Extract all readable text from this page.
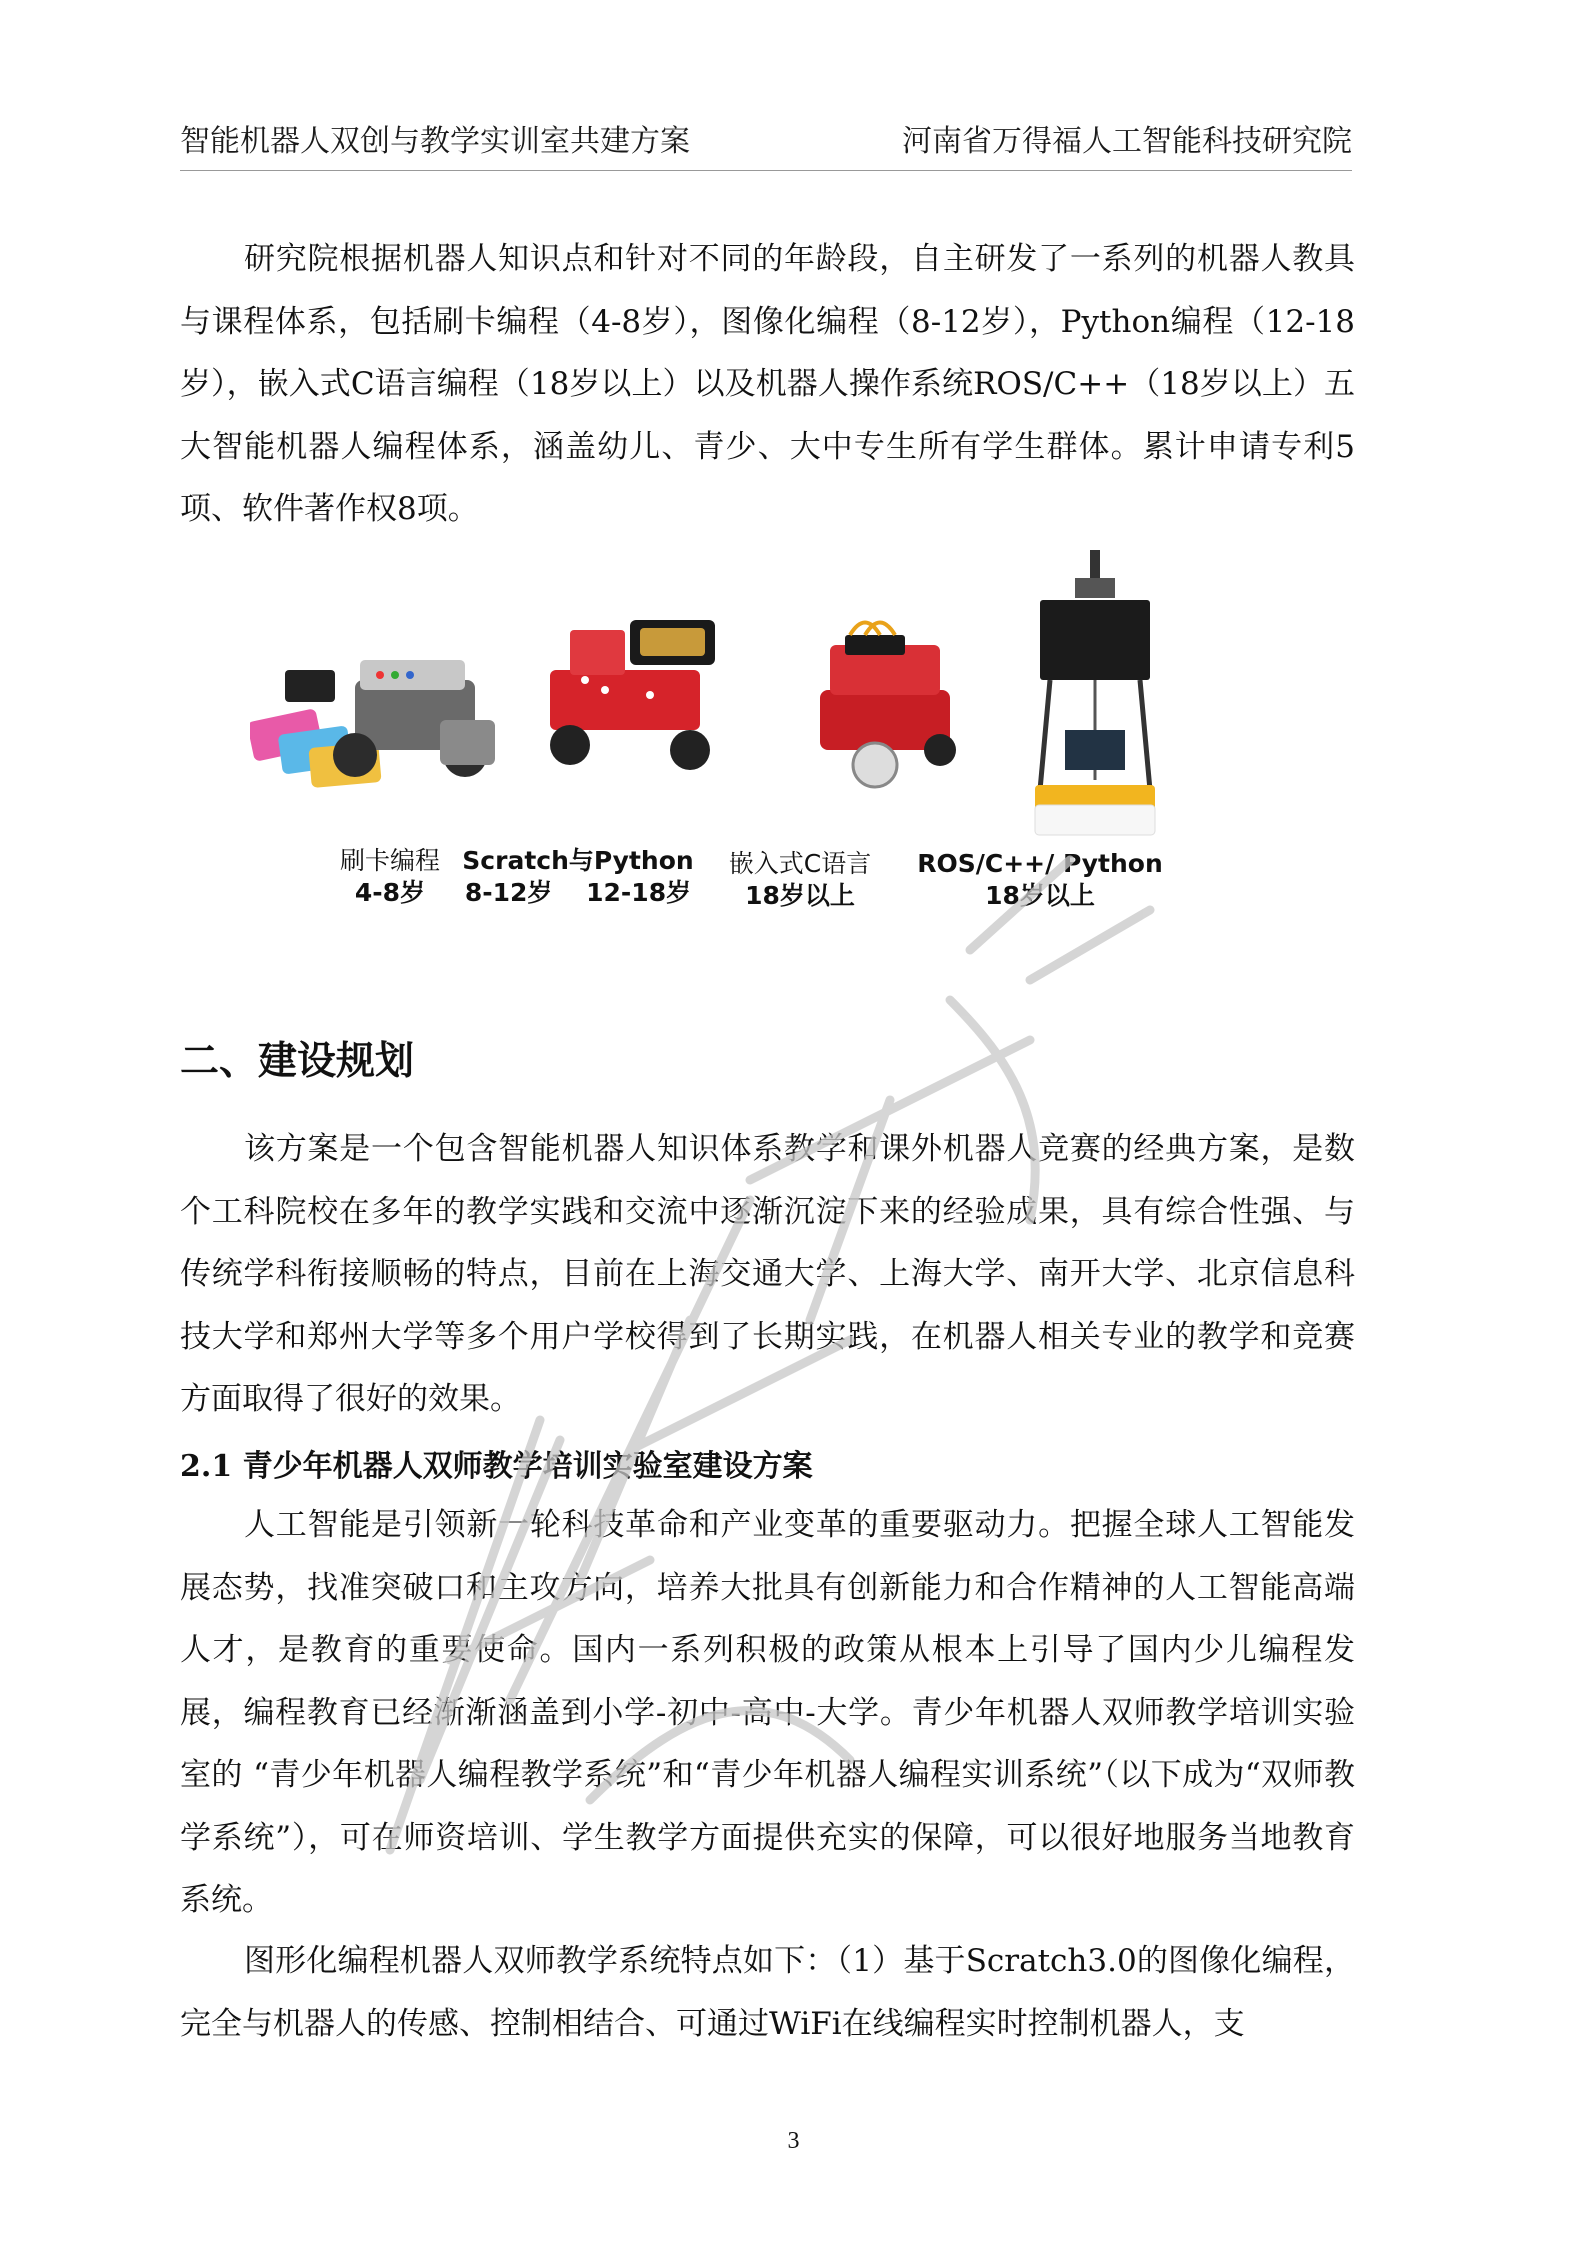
智能机器人双创与教学实训室共建方案	河南省万得福人工智能科技研究院

研究院根据机器人知识点和针对不同的年龄段，自主研发了一系列的机器人教具与课程体系，包括刷卡编程（4-8岁），图像化编程（8-12岁），Python编程（12-18岁），嵌入式C语言编程（18岁以上）以及机器人操作系统ROS/C++（18岁以上）五大智能机器人编程体系，涵盖幼儿、青少、大中专生所有学生群体。累计申请专利5项、软件著作权8项。

刷卡编程
4-8岁
Scratch与Python
8-12岁　 12-18岁
嵌入式C语言
18岁以上
ROS/C++/ Python
18岁以上
二、建设规划

该方案是一个包含智能机器人知识体系教学和课外机器人竞赛的经典方案，是数个工科院校在多年的教学实践和交流中逐渐沉淀下来的经验成果，具有综合性强、与传统学科衔接顺畅的特点，目前在上海交通大学、上海大学、南开大学、北京信息科技大学和郑州大学等多个用户学校得到了长期实践，在机器人相关专业的教学和竞赛方面取得了很好的效果。

2.1 青少年机器人双师教学培训实验室建设方案

人工智能是引领新一轮科技革命和产业变革的重要驱动力。把握全球人工智能发展态势，找准突破口和主攻方向，培养大批具有创新能力和合作精神的人工智能高端人才，是教育的重要使命。国内一系列积极的政策从根本上引导了国内少儿编程发展，编程教育已经渐渐涵盖到小学-初中-高中-大学。青少年机器人双师教学培训实验室的 “青少年机器人编程教学系统”和“青少年机器人编程实训系统”（以下成为“双师教学系统”），可在师资培训、学生教学方面提供充实的保障，可以很好地服务当地教育系统。

图形化编程机器人双师教学系统特点如下：（1）基于Scratch3.0的图像化编程，完全与机器人的传感、控制相结合、可通过WiFi在线编程实时控制机器人，支

3
